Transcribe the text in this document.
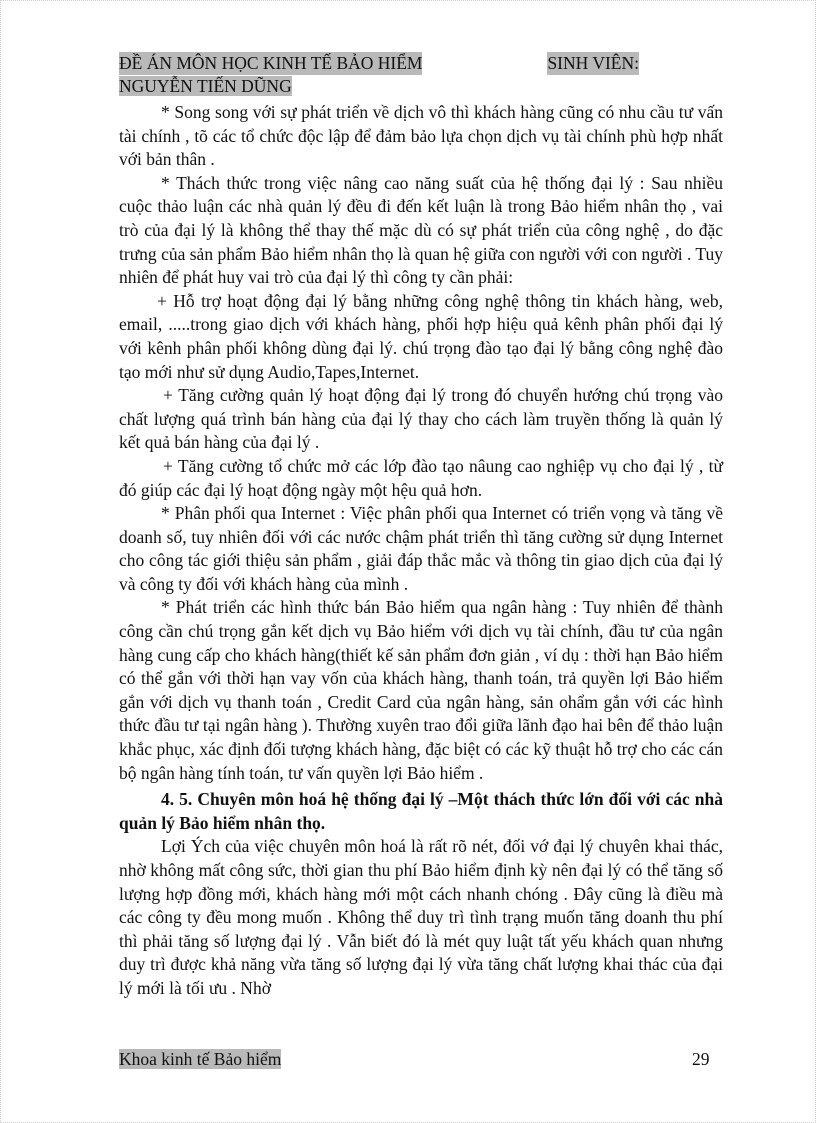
ĐỀ ÁN MÔN HỌC KINH TẾ BẢO HIỂM	SINH VIÊN:
NGUYỄN TIẾN DŨNG

* Song song với sự phát triển về dịch vô thì khách hàng cũng có nhu cầu tư vấn tài chính , tõ các tổ chức độc lập để đảm bảo lựa chọn dịch vụ tài chính phù hợp nhất với bản thân .

* Thách thức trong việc nâng cao năng suất của hệ thống đại lý : Sau nhiều cuộc thảo luận các nhà quản lý đều đi đến kết luận là trong Bảo hiểm nhân thọ , vai trò của đại lý là không thể thay thế mặc dù có sự phát triển của công nghệ , do đặc trưng của sản phẩm Bảo hiểm nhân thọ là quan hệ giữa con người với con người . Tuy nhiên để phát huy vai trò của đại lý thì công ty cần phải:

+ Hỗ trợ hoạt động đại lý bằng những công nghệ thông tin khách hàng, web, email, .....trong giao dịch với khách hàng, phối hợp hiệu quả kênh phân phối đại lý với kênh phân phối không dùng đại lý. chú trọng đào tạo đại lý bằng công nghệ đào tạo mới như sử dụng Audio,Tapes,Internet.

+ Tăng cường quản lý hoạt động đại lý trong đó chuyển hướng chú trọng vào chất lượng quá trình bán hàng của đại lý thay cho cách làm truyền thống là quản lý kết quả bán hàng của đại lý .

+ Tăng cường tổ chức mở các lớp đào tạo nâung cao nghiệp vụ cho đại lý , từ đó giúp các đại lý hoạt động ngày một hệu quả hơn.

* Phân phối qua Internet : Việc phân phối qua Internet có triển vọng và tăng về doanh số, tuy nhiên đối với các nước chậm phát triển thì tăng cường sử dụng Internet cho công tác giới thiệu sản phẩm , giải đáp thắc mắc và thông tin giao dịch của đại lý và công ty đối với khách hàng của mình .

* Phát triển các hình thức bán Bảo hiểm qua ngân hàng : Tuy nhiên để thành công cần chú trọng gắn kết dịch vụ Bảo hiểm với dịch vụ tài chính, đầu tư của ngân hàng cung cấp cho khách hàng(thiết kế sản phẩm đơn giản , ví dụ : thời hạn Bảo hiểm có thể gắn với thời hạn vay vốn của khách hàng, thanh toán, trả quyền lợi Bảo hiểm gắn với dịch vụ thanh toán , Credit Card của ngân hàng, sản ohẩm gắn với các hình thức đầu tư tại ngân hàng ). Thường xuyên trao đổi giữa lãnh đạo hai bên để thảo luận khắc phục, xác định đối tượng khách hàng, đặc biệt có các kỹ thuật hỗ trợ cho các cán bộ ngân hàng tính toán, tư vấn quyền lợi Bảo hiểm .

4. 5. Chuyên môn hoá hệ thống đại lý –Một thách thức lớn đối với các nhà quản lý Bảo hiểm nhân thọ.

Lợi Ých của việc chuyên môn hoá là rất rõ nét, đối vớ đại lý chuyên khai thác, nhờ không mất công sức, thời gian thu phí Bảo hiểm định kỳ nên đại lý có thể tăng số lượng hợp đồng mới, khách hàng mới một cách nhanh chóng . Đây cũng là điều mà các công ty đều mong muốn . Không thể duy trì tình trạng muốn tăng doanh thu phí thì phải tăng số lượng đại lý . Vẫn biết đó là mét quy luật tất yếu khách quan nhưng duy trì được khả năng vừa tăng số lượng đại lý vừa tăng chất lượng khai thác của đại lý mới là tối ưu . Nhờ

Khoa kinh tế Bảo hiểm	29
